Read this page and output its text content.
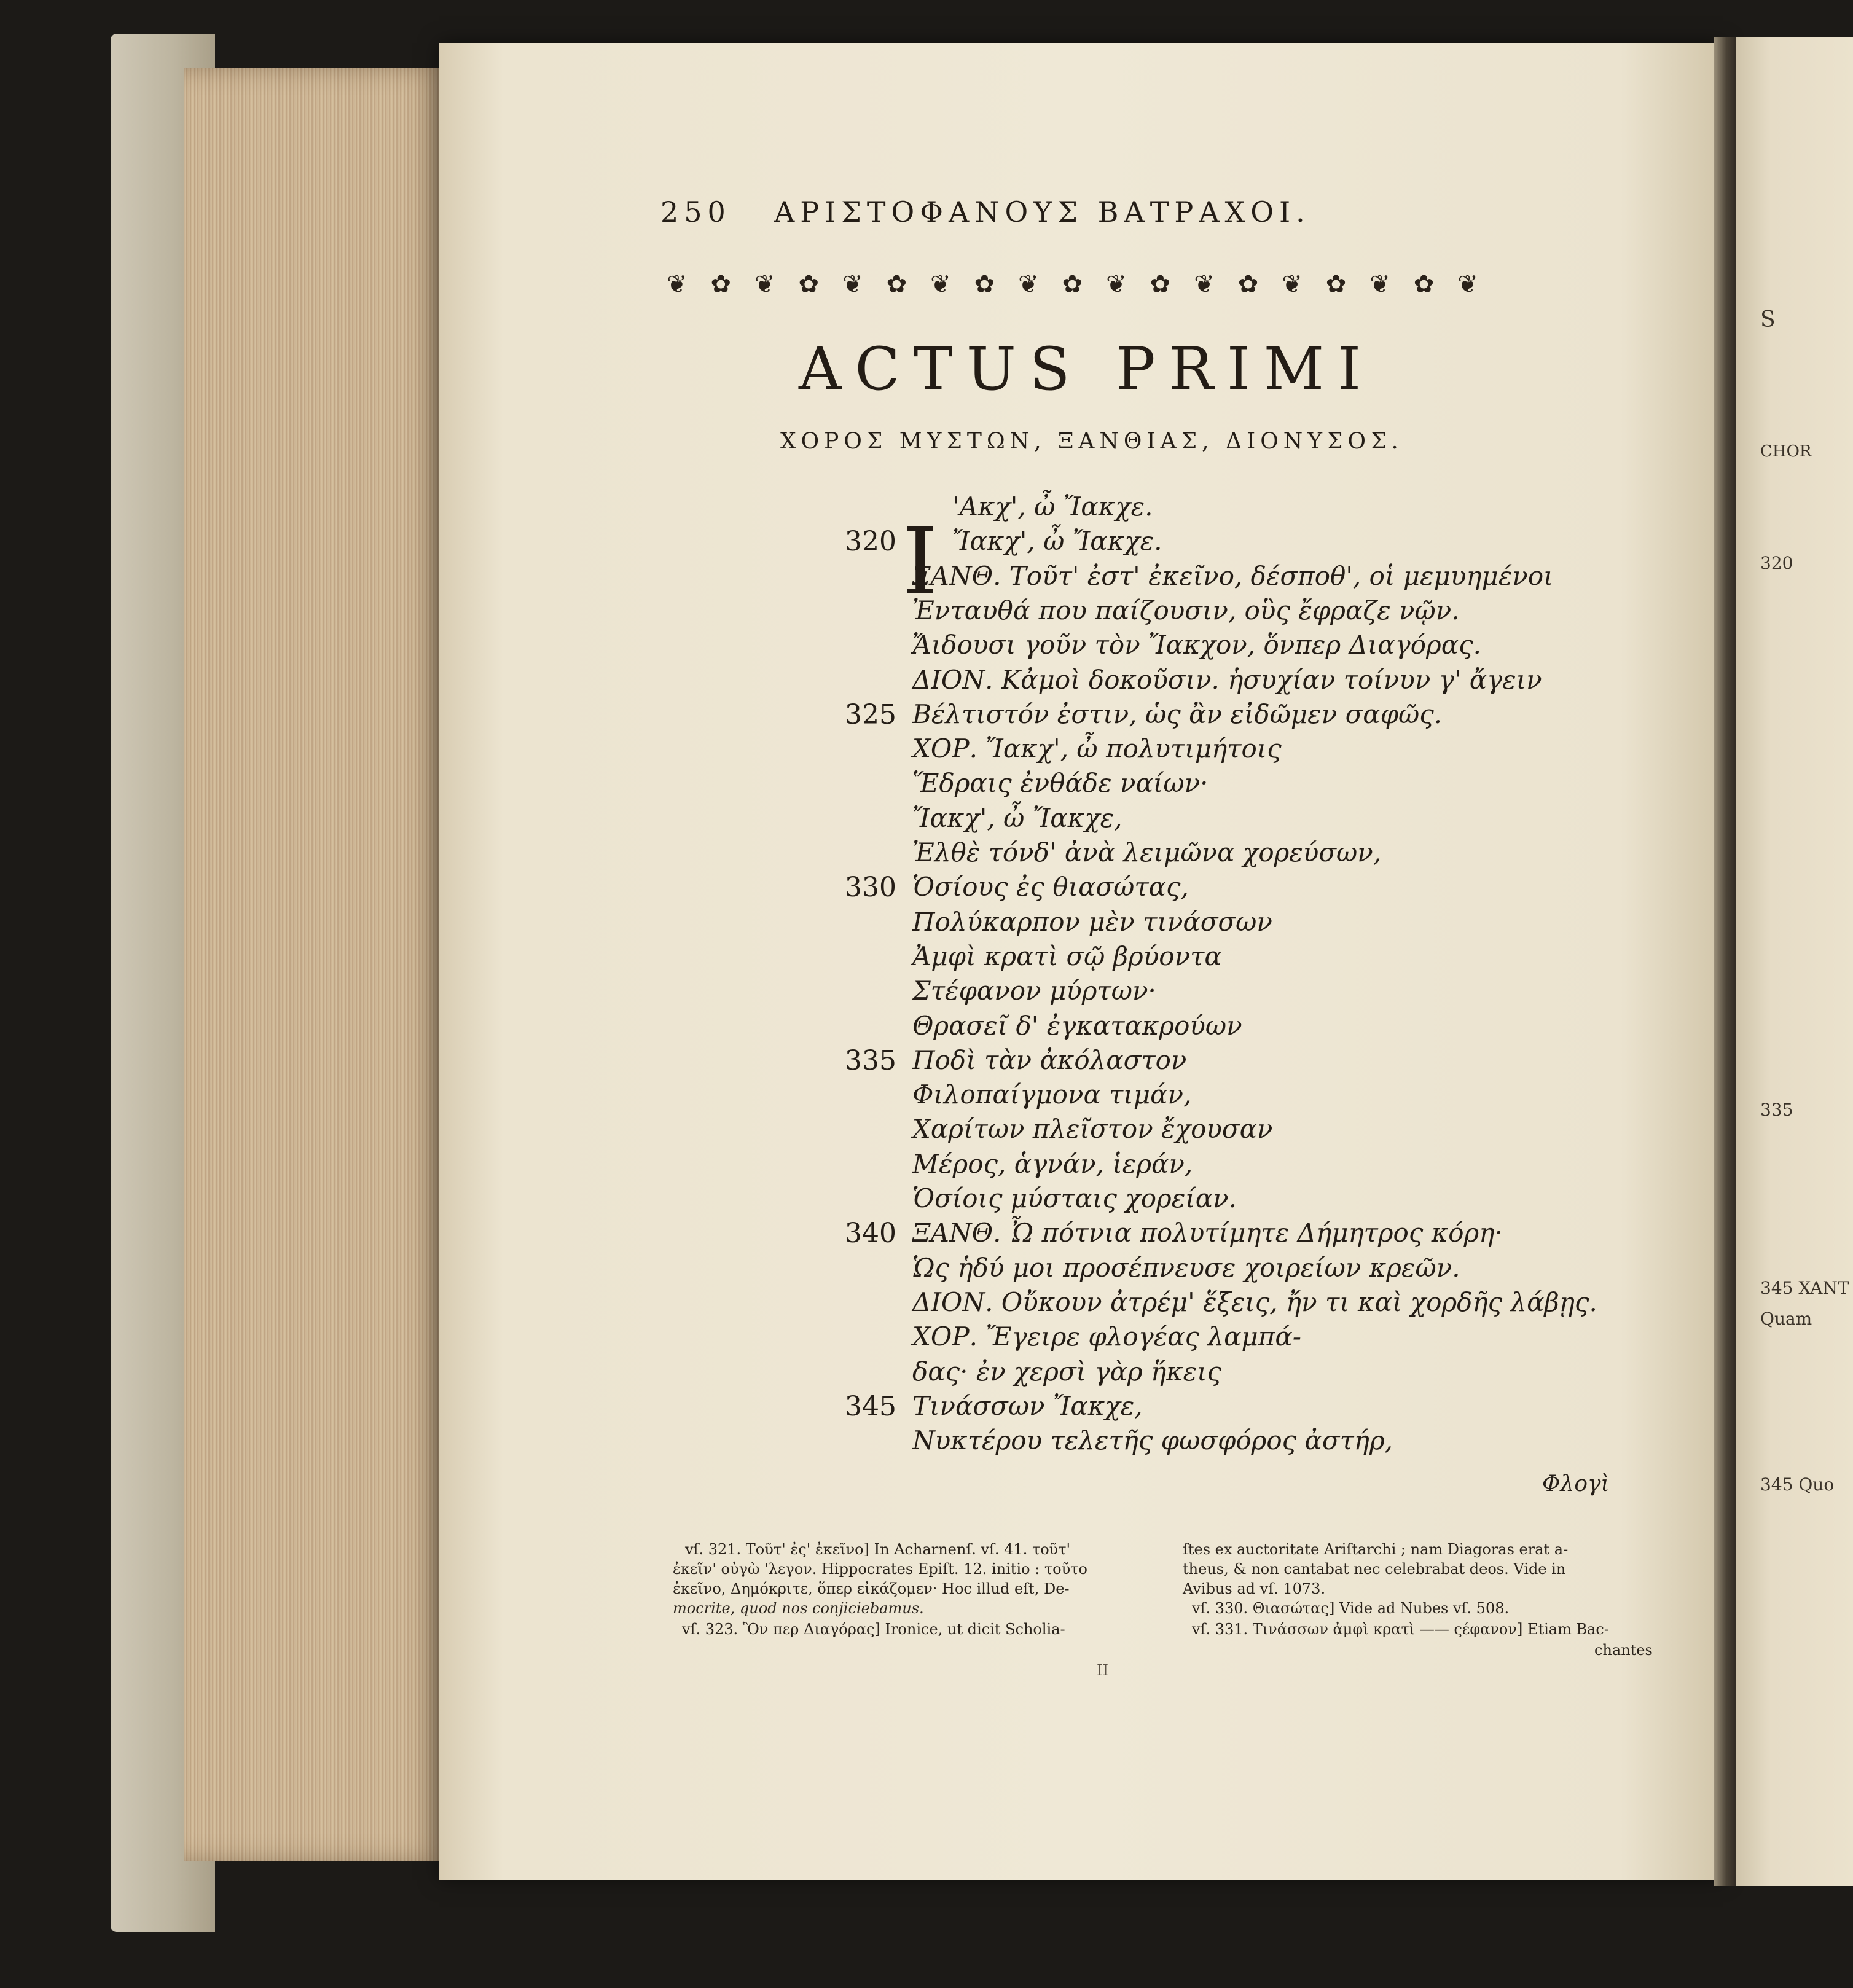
S
CHOR
320
335
345 XANT
Quam
345 Quo
250 ΑΡΙΣΤΟΦΑΝΟΥΣ ΒΑΤΡΑΧΟΙ.
❦✿❦✿❦✿❦✿❦✿❦✿❦✿❦✿❦✿❦
ACTUS PRIMI
ΧΟΡΟΣ ΜΥΣΤΩΝ, ΞΑΝΘΙΑΣ, ΔΙΟΝΥΣΟΣ.
I
'Ακχ', ὦ Ἴακχε.
320 Ἴακχ', ὦ Ἴακχε.
ΞΑΝΘ. Τοῦτ' ἐστ' ἐκεῖνο, δέσποθ', οἱ μεμυημένοι
Ἐνταυθά που παίζουσιν, οὓς ἔφραζε νῷν.
Ἄιδουσι γοῦν τὸν Ἴακχον, ὅνπερ Διαγόρας.
ΔΙΟΝ. Κἀμοὶ δοκοῦσιν. ἡσυχίαν τοίνυν γ' ἄγειν
325 Βέλτιστόν ἐστιν, ὡς ἂν εἰδῶμεν σαφῶς.
ΧΟΡ. Ἴακχ', ὦ πολυτιμήτοις
Ἕδραις ἐνθάδε ναίων·
Ἴακχ', ὦ Ἴακχε,
Ἐλθὲ τόνδ' ἀνὰ λειμῶνα χορεύσων,
330 Ὁσίους ἐς θιασώτας,
Πολύκαρπον μὲν τινάσσων
Ἀμφὶ κρατὶ σῷ βρύοντα
Στέφανον μύρτων·
Θρασεῖ δ' ἐγκατακρούων
335 Ποδὶ τὰν ἀκόλαστον
Φιλοπαίγμονα τιμάν,
Χαρίτων πλεῖστον ἔχουσαν
Μέρος, ἁγνάν, ἱεράν,
Ὁσίοις μύσταις χορείαν.
340 ΞΑΝΘ. Ὦ πότνια πολυτίμητε Δήμητρος κόρη·
Ὡς ἡδύ μοι προσέπνευσε χοιρείων κρεῶν.
ΔΙΟΝ. Οὔκουν ἀτρέμ' ἕξεις, ἤν τι καὶ χορδῆς λάβῃς.
ΧΟΡ. Ἔγειρε φλογέας λαμπά-
δας· ἐν χερσὶ γὰρ ἥκεις
345 Τινάσσων Ἴακχε,
Νυκτέρου τελετῆς φωσφόρος ἀστήρ,
Φλογὶ
vſ. 321. Τοῦτ' ἐς' ἐκεῖνο] In Acharnenſ. vſ. 41. τοῦτ'
ἐκεῖν' οὐγὼ 'λεγον. Hippocrates Epiſt. 12. initio : τοῦτο
ἐκεῖνο, Δημόκριτε, ὅπερ εἰκάζομεν· Hoc illud eſt, De-
mocrite, quod nos conjiciebamus.
vſ. 323. Ὃν περ Διαγόρας] Ironice, ut dicit Scholia-
ſtes ex auctoritate Ariſtarchi ; nam Diagoras erat a-
theus, & non cantabat nec celebrabat deos. Vide in
Avibus ad vſ. 1073.
vſ. 330. Θιασώτας] Vide ad Nubes vſ. 508.
vſ. 331. Τινάσσων ἀμφὶ κρατὶ —— ςέφανον] Etiam Bac-
chantes
II
